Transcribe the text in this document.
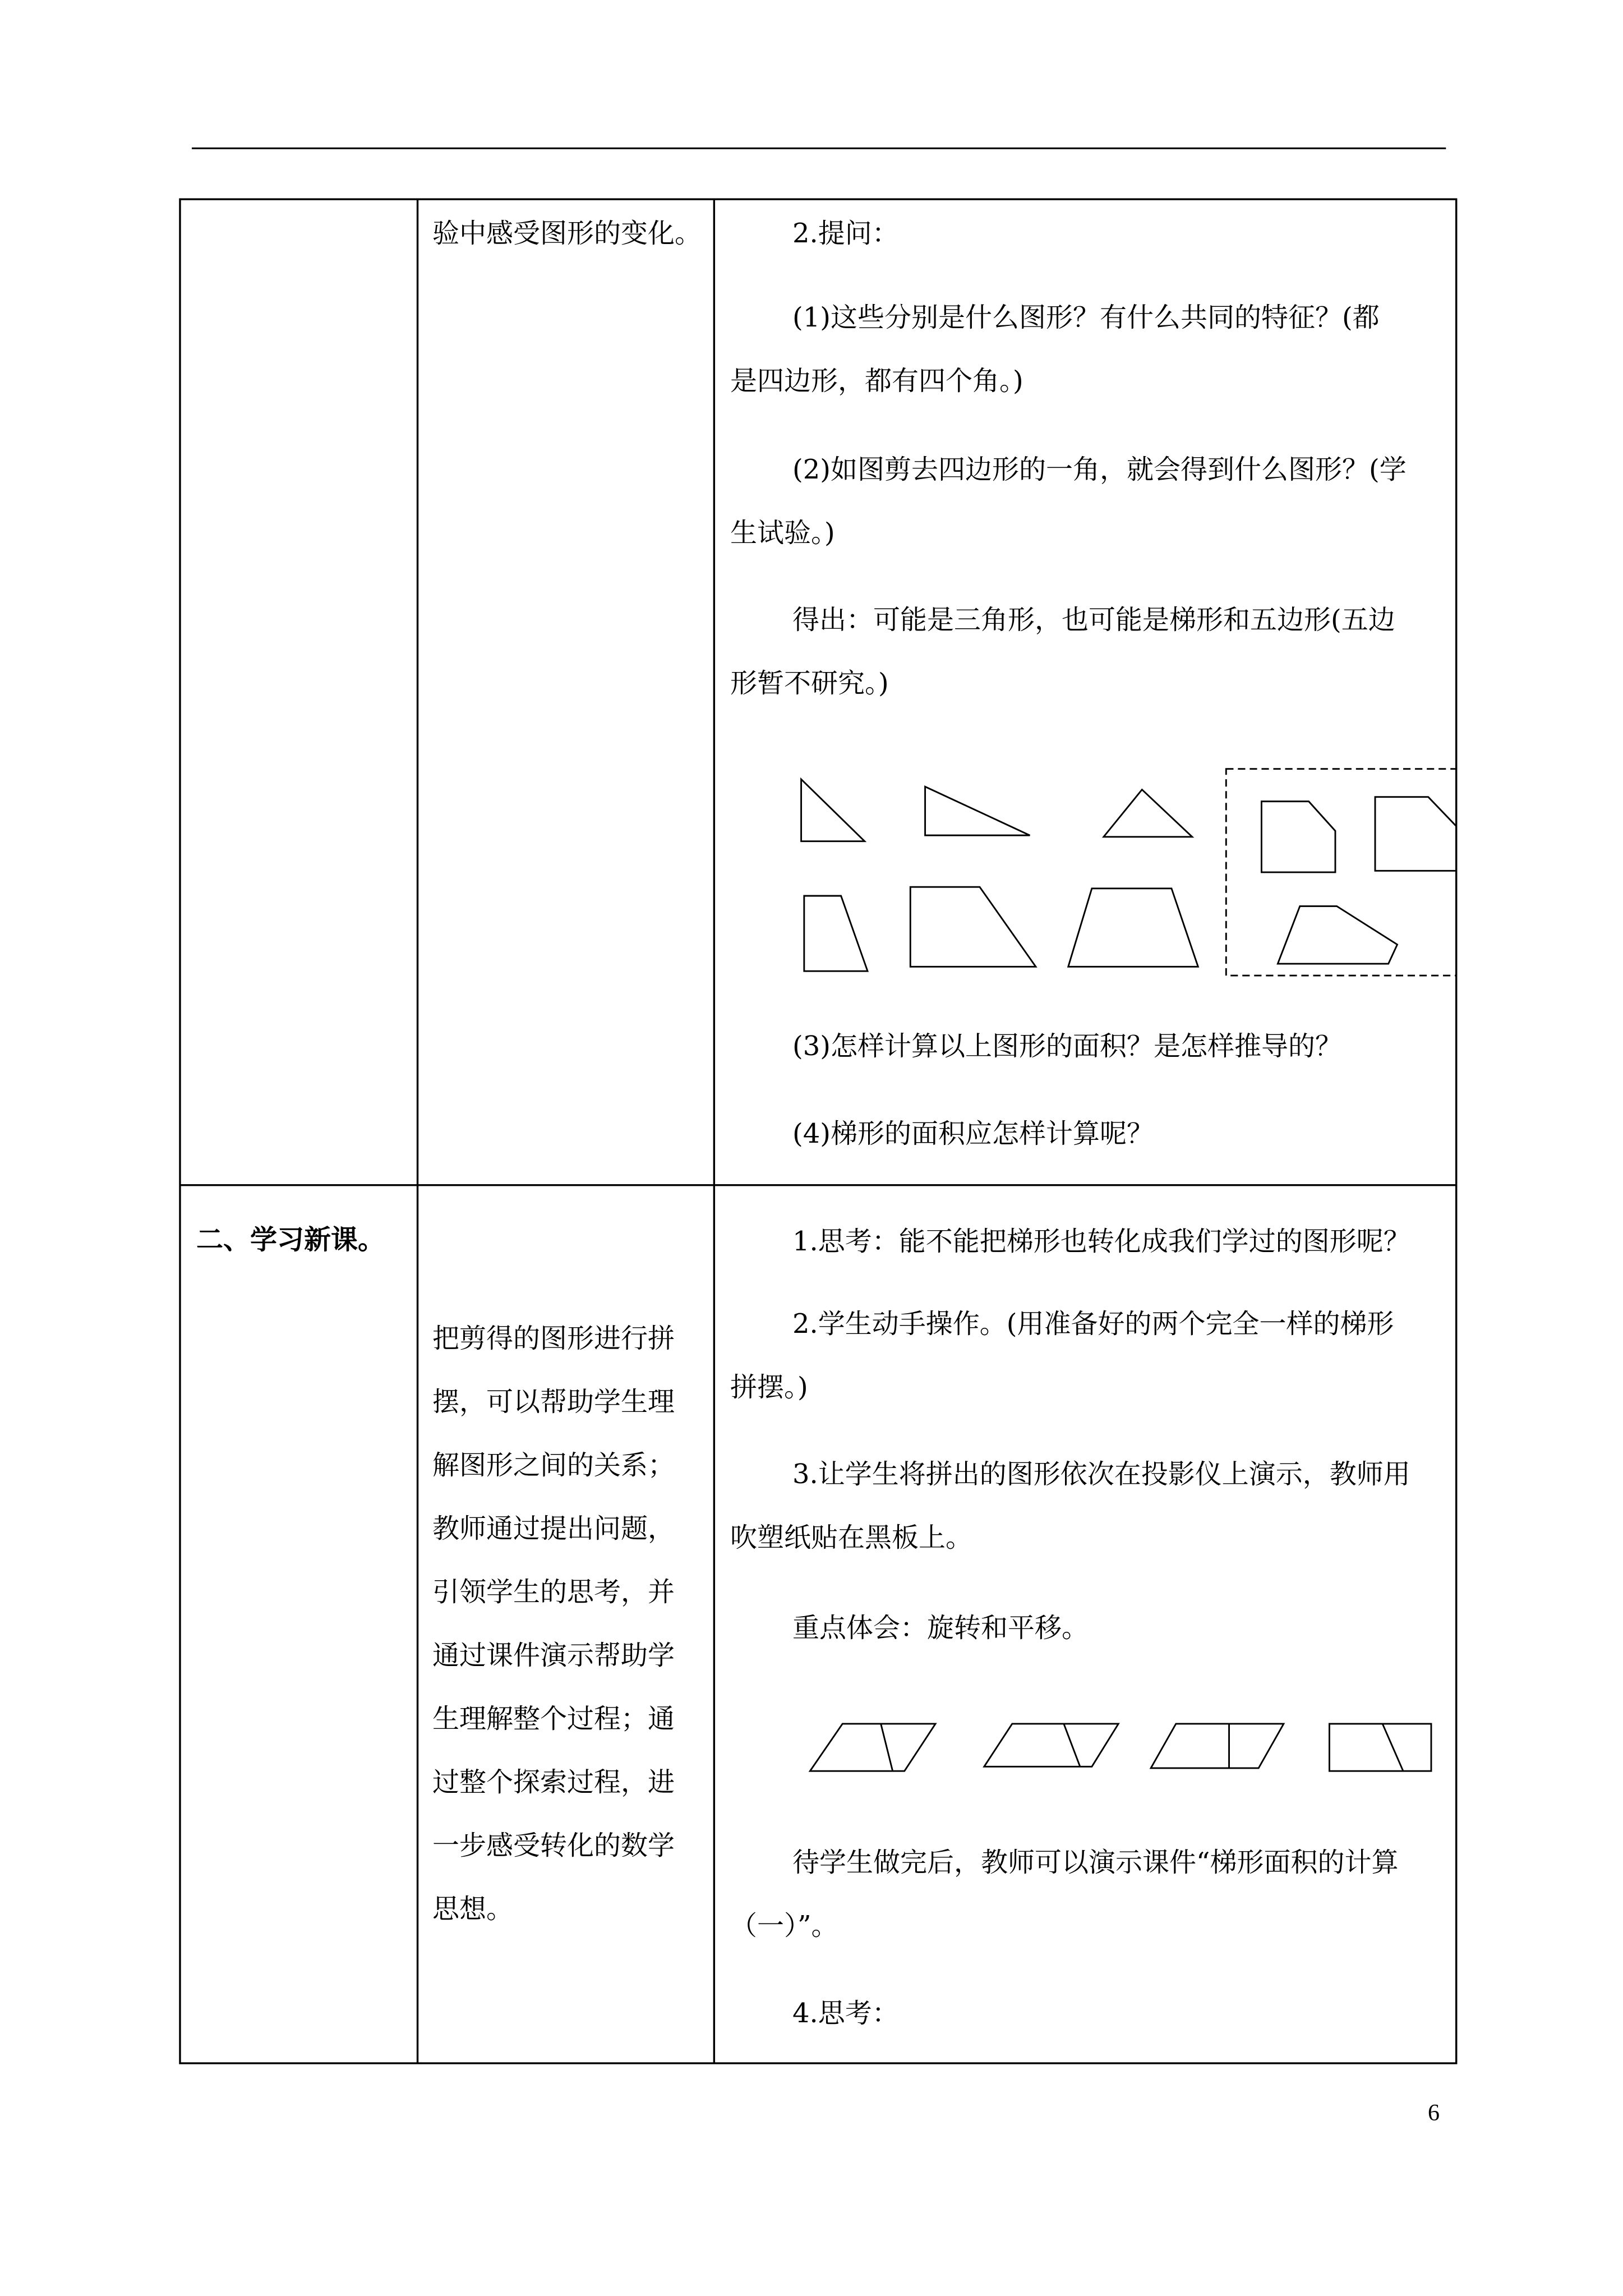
验中感受图形的变化。	2.提问：
(1)这些分别是什么图形？有什么共同的特征？(都
是四边形，都有四个角。)
(2)如图剪去四边形的一角，就会得到什么图形？(学
生试验。)
得出：可能是三角形，也可能是梯形和五边形(五边
形暂不研究。)
(3)怎样计算以上图形的面积？是怎样推导的？
(4)梯形的面积应怎样计算呢？
二、学习新课。
把剪得的图形进行拼
摆，可以帮助学生理
解图形之间的关系；
教师通过提出问题，
引领学生的思考，并
通过课件演示帮助学
生理解整个过程；通
过整个探索过程，进
一步感受转化的数学
思想。
1.思考：能不能把梯形也转化成我们学过的图形呢？
2.学生动手操作。(用准备好的两个完全一样的梯形
拼摆。)
3.让学生将拼出的图形依次在投影仪上演示，教师用
吹塑纸贴在黑板上。
重点体会：旋转和平移。
待学生做完后，教师可以演示课件“梯形面积的计算
（一）”。
4.思考：
6
